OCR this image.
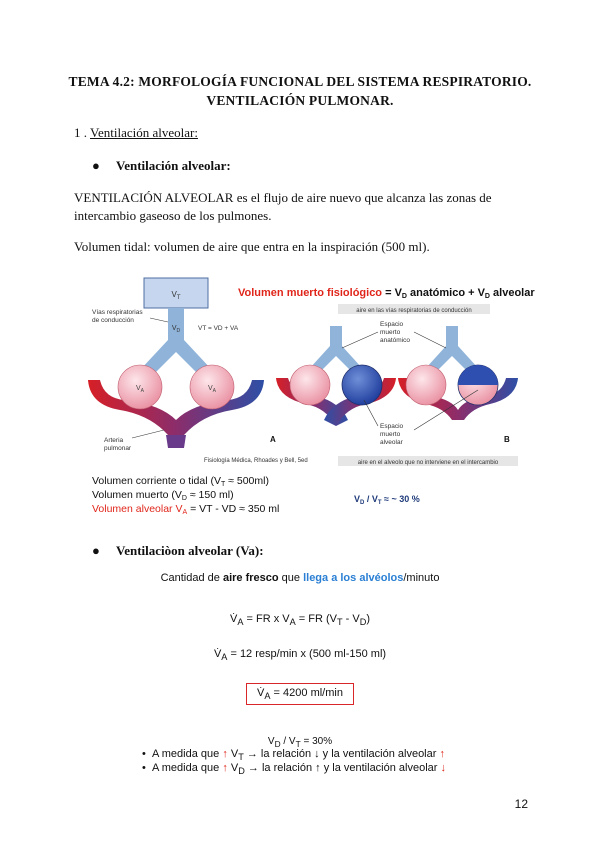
TEMA 4.2: MORFOLOGÍA FUNCIONAL DEL SISTEMA RESPIRATORIO.
VENTILACIÓN PULMONAR.
1 . Ventilación alveolar:
● Ventilación alveolar:
VENTILACIÓN ALVEOLAR es el flujo de aire nuevo que alcanza las zonas de intercambio gaseoso de los pulmones.
Volumen tidal: volumen de aire que entra en la inspiración (500 ml).
Volumen muerto fisiológico = VD anatómico + VD alveolar
$V_T$
$V_D$
Vías respiratorias
de conducción
VT = VD + VA
$V_A$	$V_A$
Arteria
pulmonar
A
Fisiología Médica, Rhoades y Bell, 5ed
aire en las vías respiratorias de conducción
Espacio
muerto
anatómico
Espacio
muerto
alveolar	B
aire en el alveolo que no interviene en el intercambio
Volumen corriente o tidal (VT ≈ 500ml)
Volumen muerto (VD ≈ 150 ml)
Volumen alveolar VA = VT - VD ≈ 350 ml
$V_D / V_T$ ≈ ~ 30 %
● Ventilaciòon alveolar (Va):
Cantidad de aire fresco que llega a los alvéolos/minuto
$V̇_A$ = FR x $V_A$ = FR $(V_T - V_D)$
$V̇_A = 12$ resp/min x (500 ml-150 ml)
$V̇_A = 4200$ ml/min
$V_D / V_T = 30\%$
•  A medida que ↑ $V_T$ → la relación ↓ y la ventilación alveolar ↑
•  A medida que ↑ $V_D$ → la relación ↑ y la ventilación alveolar ↓
12
